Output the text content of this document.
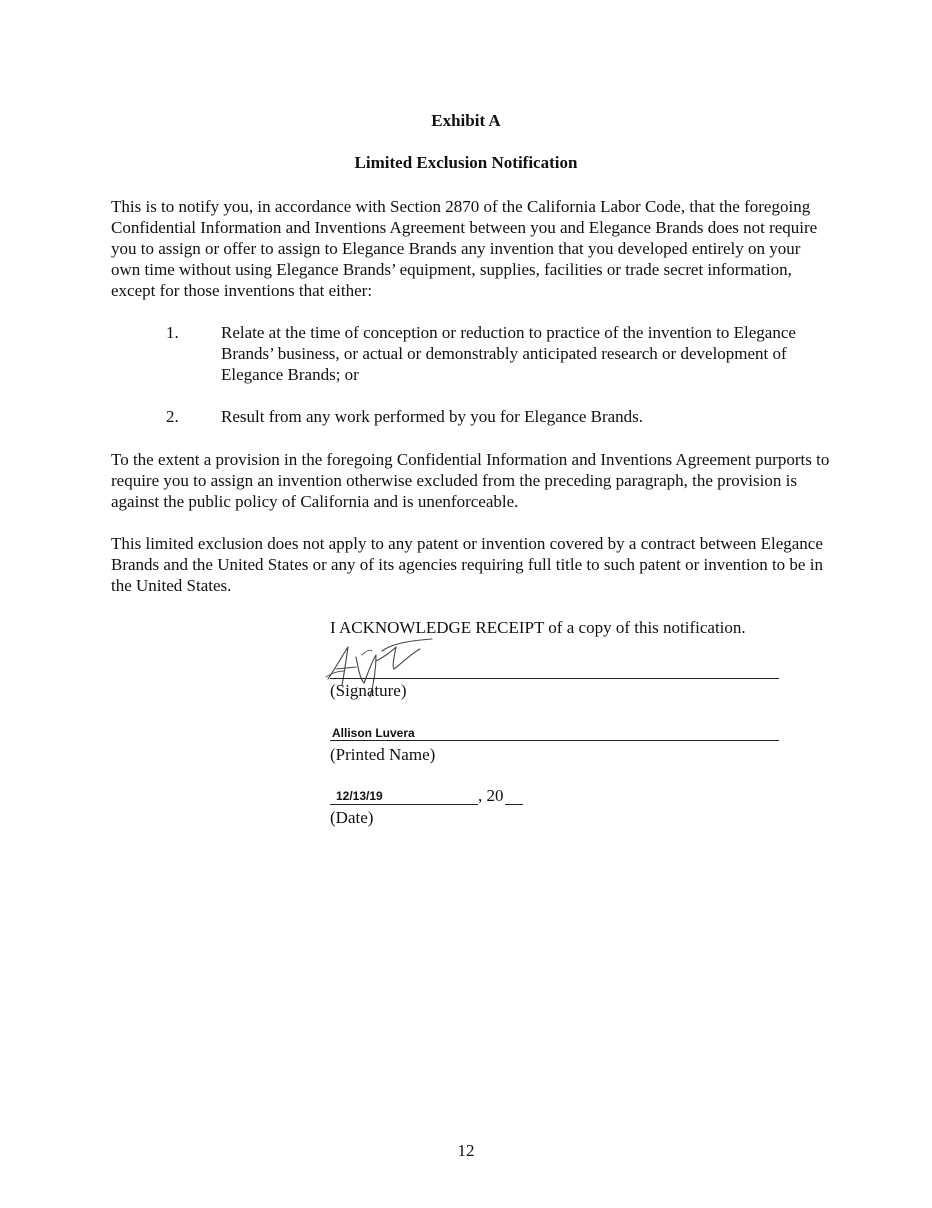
Exhibit A
Limited Exclusion Notification

This is to notify you, in accordance with Section 2870 of the California Labor Code, that the foregoing Confidential Information and Inventions Agreement between you and Elegance Brands does not require you to assign or offer to assign to Elegance Brands any invention that you developed entirely on your own time without using Elegance Brands’ equipment, supplies, facilities or trade secret information, except for those inventions that either:

1. Relate at the time of conception or reduction to practice of the invention to Elegance Brands’ business, or actual or demonstrably anticipated research or development of Elegance Brands; or
2. Result from any work performed by you for Elegance Brands.

To the extent a provision in the foregoing Confidential Information and Inventions Agreement purports to require you to assign an invention otherwise excluded from the preceding paragraph, the provision is against the public policy of California and is unenforceable.

This limited exclusion does not apply to any patent or invention covered by a contract between Elegance Brands and the United States or any of its agencies requiring full title to such patent or invention to be in the United States.

I ACKNOWLEDGE RECEIPT of a copy of this notification.
(Signature)
Allison Luvera
(Printed Name)
, 20
12/13/19
(Date)
12
